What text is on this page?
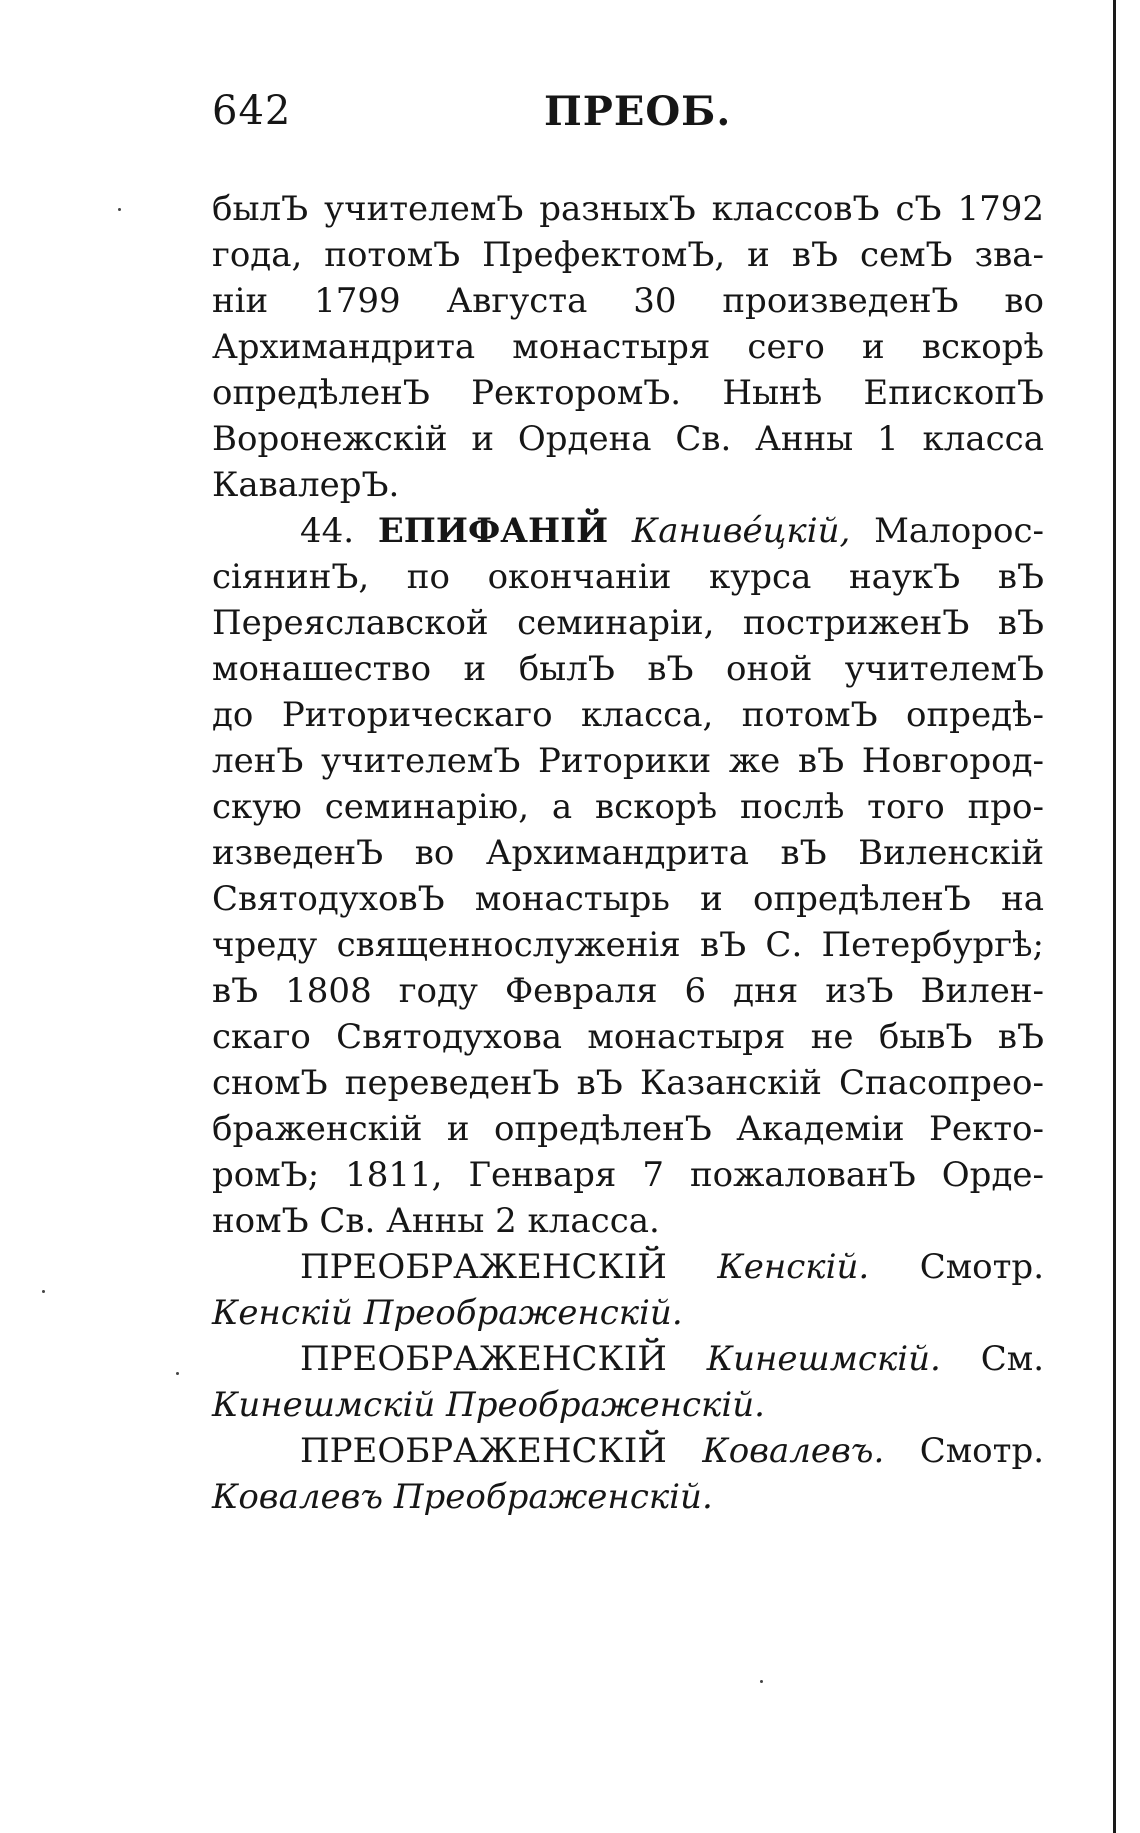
642	ПРЕОБ.
былЪ учителемЪ разныхЪ классовЪ сЪ 1792
года, потомЪ ПрефектомЪ, и вЪ семЪ зва-
нiи 1799 Августа 30 произведенЪ во
Архимандрита монастыря сего и вскорѣ
опредѣленЪ РекторомЪ. Нынѣ ЕпископЪ
Воронежскiй и Ордена Св. Анны 1 класса
КавалерЪ.
44. ЕПИФАНIЙ Каниве́цкiй, Малорос-
сiянинЪ, по окончанiи курса наукЪ вЪ
Переяславской семинарiи, постриженЪ вЪ
монашество и былЪ вЪ оной учителемЪ
до Риторическаго класса, потомЪ опредѣ-
ленЪ учителемЪ Риторики же вЪ Новгород-
скую семинарiю, а вскорѣ послѣ того про-
изведенЪ во Архимандрита вЪ Виленскiй
СвятодуховЪ монастырь и опредѣленЪ на
чреду священнослуженiя вЪ С. Петербургѣ;
вЪ 1808 году Февраля 6 дня изЪ Вилен-
скаго Святодухова монастыря не бывЪ вЪ
сномЪ переведенЪ вЪ Казанскiй Спасопрео-
браженскiй и опредѣленЪ Академiи Ректо-
ромЪ; 1811, Генваря 7 пожалованЪ Орде-
номЪ Св. Анны 2 класса.
ПРЕОБРАЖЕНСКIЙ Кенскiй. Смотр.
Кенскiй Преображенскiй.
ПРЕОБРАЖЕНСКIЙ Кинешмскiй. См.
Кинешмскiй Преображенскiй.
ПРЕОБРАЖЕНСКIЙ Ковалевъ. Смотр.
Ковалевъ Преображенскiй.
